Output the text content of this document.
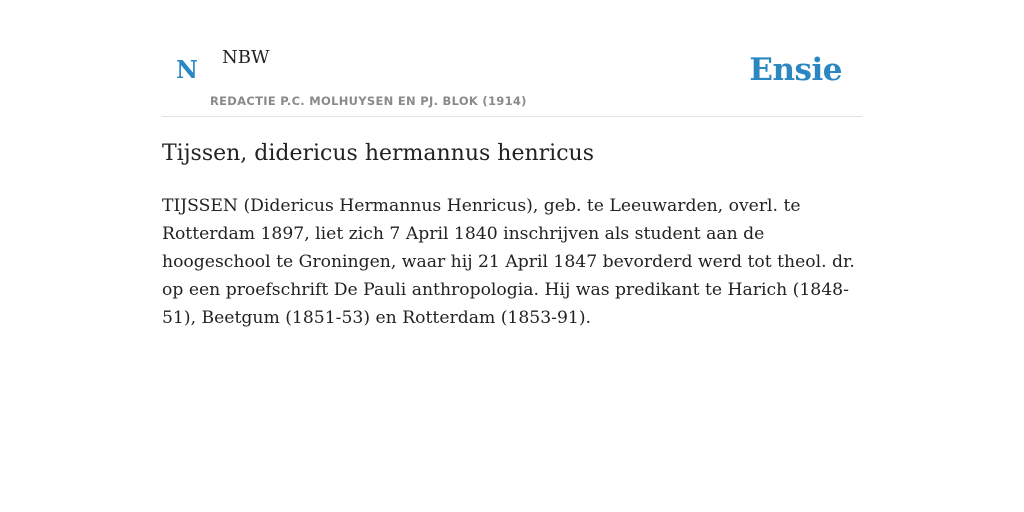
N NBW
REDACTIE P.C. MOLHUYSEN EN PJ. BLOK (1914)
Ensie
Tijssen, didericus hermannus henricus

TIJSSEN (Didericus Hermannus Henricus), geb. te Leeuwarden, overl. te Rotterdam 1897, liet zich 7 April 1840 inschrijven als student aan de hoogeschool te Groningen, waar hij 21 April 1847 bevorderd werd tot theol. dr. op een proefschrift De Pauli anthropologia. Hij was predikant te Harich (1848-51), Beetgum (1851-53) en Rotterdam (1853-91).
